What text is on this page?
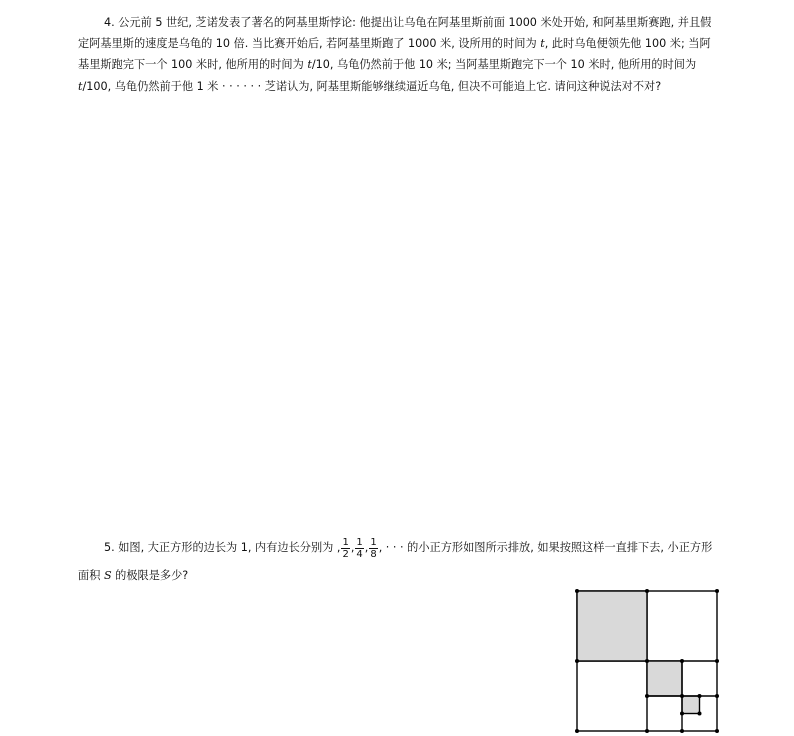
4. 公元前 5 世纪, 芝诺发表了著名的阿基里斯悖论: 他提出让乌龟在阿基里斯前面 1000 米处开始, 和阿基里斯赛跑, 并且假定阿基里斯的速度是乌龟的 10 倍. 当比赛开始后, 若阿基里斯跑了 1000 米, 设所用的时间为 t, 此时乌龟便领先他 100 米; 当阿基里斯跑完下一个 100 米时, 他所用的时间为 t/10, 乌龟仍然前于他 10 米; 当阿基里斯跑完下一个 10 米时, 他所用的时间为 t/100, 乌龟仍然前于他 1 米 · · · · · · 芝诺认为, 阿基里斯能够继续逼近乌龟, 但决不可能追上它. 请问这种说法对不对?

5. 如图, 大正方形的边长为 1, 内有边长分别为 , $\frac{1}{2}$ , $\frac{1}{4}$ , $\frac{1}{8}$ , · · · 的小正方形如图所示排放, 如果按照这样一直排下去, 小正方形面积 S 的极限是多少?
